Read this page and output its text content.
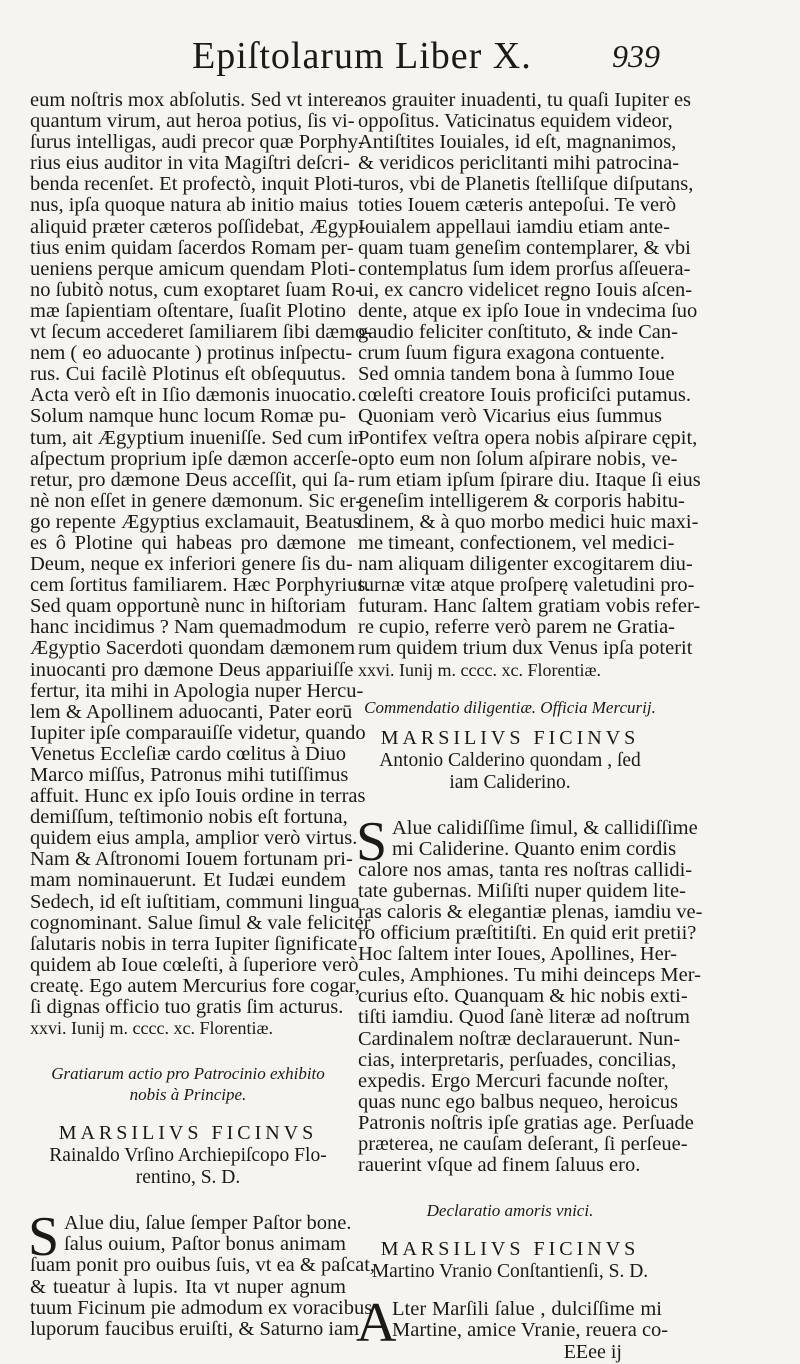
Epiſtolarum Liber X.	939
eum noſtris mox abſolutis. Sed vt interea
quantum virum, aut heroa potius, ſis vi-
ſurus intelligas, audi precor quæ Porphy-
rius eius auditor in vita Magiſtri deſcri-
benda recenſet. Et profectò, inquit Ploti-
nus, ipſa quoque natura ab initio maius
aliquid præter cæteros poſſidebat, Ægyp-
tius enim quidam ſacerdos Romam per-
ueniens perque amicum quendam Ploti-
no ſubitò notus, cum exoptaret ſuam Ro-
mæ ſapientiam oſtentare, ſuaſit Plotino
vt ſecum accederet ſamiliarem ſibi dæmo-
nem ( eo aduocante ) protinus inſpectu-
rus. Cui facilè Plotinus eſt obſequutus.
Acta verò eſt in Iſio dæmonis inuocatio.
Solum namque hunc locum Romæ pu-
tum, ait Ægyptium inueniſſe. Sed cum in
aſpectum proprium ipſe dæmon accerſe-
retur, pro dæmone Deus acceſſit, qui ſa-
nè non eſſet in genere dæmonum. Sic er-
go repente Ægyptius exclamauit, Beatus
es ô Plotine qui habeas pro dæmone
Deum, neque ex inferiori genere ſis du-
cem ſortitus familiarem. Hæc Porphyrius.
Sed quam opportunè nunc in hiſtoriam
hanc incidimus ? Nam quemadmodum
Ægyptio Sacerdoti quondam dæmonem
inuocanti pro dæmone Deus appariuiſſe
fertur, ita mihi in Apologia nuper Hercu-
lem & Apollinem aduocanti, Pater eorū
Iupiter ipſe comparauiſſe videtur, quando
Venetus Eccleſiæ cardo cœlitus à Diuo
Marco miſſus, Patronus mihi tutiſſimus
affuit. Hunc ex ipſo Iouis ordine in terras
demiſſum, teſtimonio nobis eſt fortuna,
quidem eius ampla, amplior verò virtus.
Nam & Aſtronomi Iouem fortunam pri-
mam nominauerunt. Et Iudæi eundem
Sedech, id eſt iuſtitiam, communi lingua
cognominant. Salue ſimul & vale feliciter
ſalutaris nobis in terra Iupiter ſignificate
quidem ab Ioue cœleſti, à ſuperiore verò
creatę. Ego autem Mercurius fore cogar,
ſi dignas officio tuo gratis ſim acturus.
xxvi. Iunij m. cccc. xc. Florentiæ.
Gratiarum actio pro Patrocinio exhibito
nobis à Principe.
MARSILIVS FICINVS
Rainaldo Vrſino Archiepiſcopo Flo-
rentino, S. D.
S Alue diu, ſalue ſemper Paſtor bone.
ſalus ouium, Paſtor bonus animam
ſuam ponit pro ouibus ſuis, vt ea & paſcat,
& tueatur à lupis. Ita vt nuper agnum
tuum Ficinum pie admodum ex voracibus
luporum faucibus eruiſti, & Saturno iam
nos grauiter inuadenti, tu quaſi Iupiter es
oppoſitus. Vaticinatus equidem videor,
Antiſtites Iouiales, id eſt, magnanimos,
& veridicos periclitanti mihi patrocina-
turos, vbi de Planetis ſtelliſque diſputans,
toties Iouem cæteris antepoſui. Te verò
Iouialem appellaui iamdiu etiam ante-
quam tuam geneſim contemplarer, & vbi
contemplatus ſum idem prorſus aſſeuera-
ui, ex cancro videlicet regno Iouis aſcen-
dente, atque ex ipſo Ioue in vndecima ſuo
gaudio feliciter conſtituto, & inde Can-
crum ſuum figura exagona contuente.
Sed omnia tandem bona à ſummo Ioue
cœleſti creatore Iouis proficiſci putamus.
Quoniam verò Vicarius eius ſummus
Pontifex veſtra opera nobis aſpirare cępit,
opto eum non ſolum aſpirare nobis, ve-
rum etiam ipſum ſpirare diu. Itaque ſi eius
geneſim intelligerem & corporis habitu-
dinem, & à quo morbo medici huic maxi-
me timeant, confectionem, vel medici-
nam aliquam diligenter excogitarem diu-
turnæ vitæ atque proſperę valetudini pro-
futuram. Hanc ſaltem gratiam vobis refer-
re cupio, referre verò parem ne Gratia-
rum quidem trium dux Venus ipſa poterit
xxvi. Iunij m. cccc. xc. Florentiæ.
Commendatio diligentiæ. Officia Mercurij.
MARSILIVS FICINVS
Antonio Calderino quondam , ſed
iam Caliderino.
S Alue calidiſſime ſimul, & callidiſſime
mi Caliderine. Quanto enim cordis
calore nos amas, tanta res noſtras callidi-
tate gubernas. Miſiſti nuper quidem lite-
ras caloris & elegantiæ plenas, iamdiu ve-
ro officium præſtitiſti. En quid erit pretii?
Hoc ſaltem inter Ioues, Apollines, Her-
cules, Amphiones. Tu mihi deinceps Mer-
curius eſto. Quanquam & hic nobis exti-
tiſti iamdiu. Quod ſanè literæ ad noſtrum
Cardinalem noſtræ declarauerunt. Nun-
cias, interpretaris, perſuades, concilias,
expedis. Ergo Mercuri facunde noſter,
quas nunc ego balbus nequeo, heroicus
Patronis noſtris ipſe gratias age. Perſuade
prӕterea, ne cauſam deſerant, ſi perſeue-
rauerint vſque ad finem ſaluus ero.
Declaratio amoris vnici.
MARSILIVS FICINVS
Martino Vranio Conſtantienſi, S. D.
A
Lter Marſili ſalue , dulciſſime mi
Martine, amice Vranie, reuera co-
EEee ij
